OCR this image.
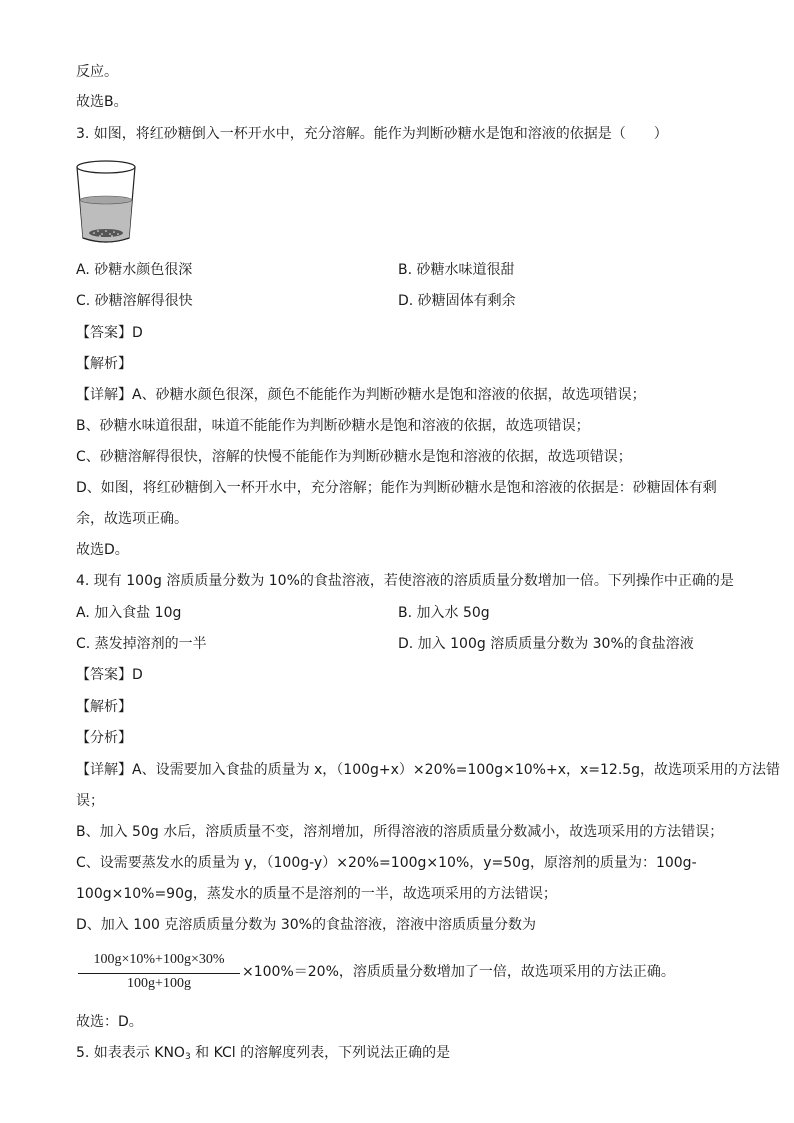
反应。
故选B。
3. 如图，将红砂糖倒入一杯开水中，充分溶解。能作为判断砂糖水是饱和溶液的依据是（　　）
A. 砂糖水颜色很深	B. 砂糖水味道很甜
C. 砂糖溶解得很快	D. 砂糖固体有剩余
【答案】D
【解析】
【详解】A、砂糖水颜色很深，颜色不能能作为判断砂糖水是饱和溶液的依据，故选项错误；
B、砂糖水味道很甜，味道不能能作为判断砂糖水是饱和溶液的依据，故选项错误；
C、砂糖溶解得很快，溶解的快慢不能能作为判断砂糖水是饱和溶液的依据，故选项错误；
D、如图，将红砂糖倒入一杯开水中，充分溶解；能作为判断砂糖水是饱和溶液的依据是：砂糖固体有剩
余，故选项正确。
故选D。
4. 现有 100g 溶质质量分数为 10%的食盐溶液，若使溶液的溶质质量分数增加一倍。下列操作中正确的是
A. 加入食盐 10g	B. 加入水 50g
C. 蒸发掉溶剂的一半	D. 加入 100g 溶质质量分数为 30%的食盐溶液
【答案】D
【解析】
【分析】
【详解】A、设需要加入食盐的质量为 x，（100g+x）×20%=100g×10%+x，x=12.5g，故选项采用的方法错
误；
B、加入 50g 水后，溶质质量不变，溶剂增加，所得溶液的溶质质量分数减小，故选项采用的方法错误；
C、设需要蒸发水的质量为 y，（100g-y）×20%=100g×10%，y=50g，原溶剂的质量为：100g-
100g×10%=90g，蒸发水的质量不是溶剂的一半，故选项采用的方法错误；
D、加入 100 克溶质质量分数为 30%的食盐溶液，溶液中溶质质量分数为
100g×10%+100g×30%
100g+100g
×100%＝20%，溶质质量分数增加了一倍，故选项采用的方法正确。
故选：D。
5. 如表表示 $KNO_3$ 和 KCl 的溶解度列表，下列说法正确的是
